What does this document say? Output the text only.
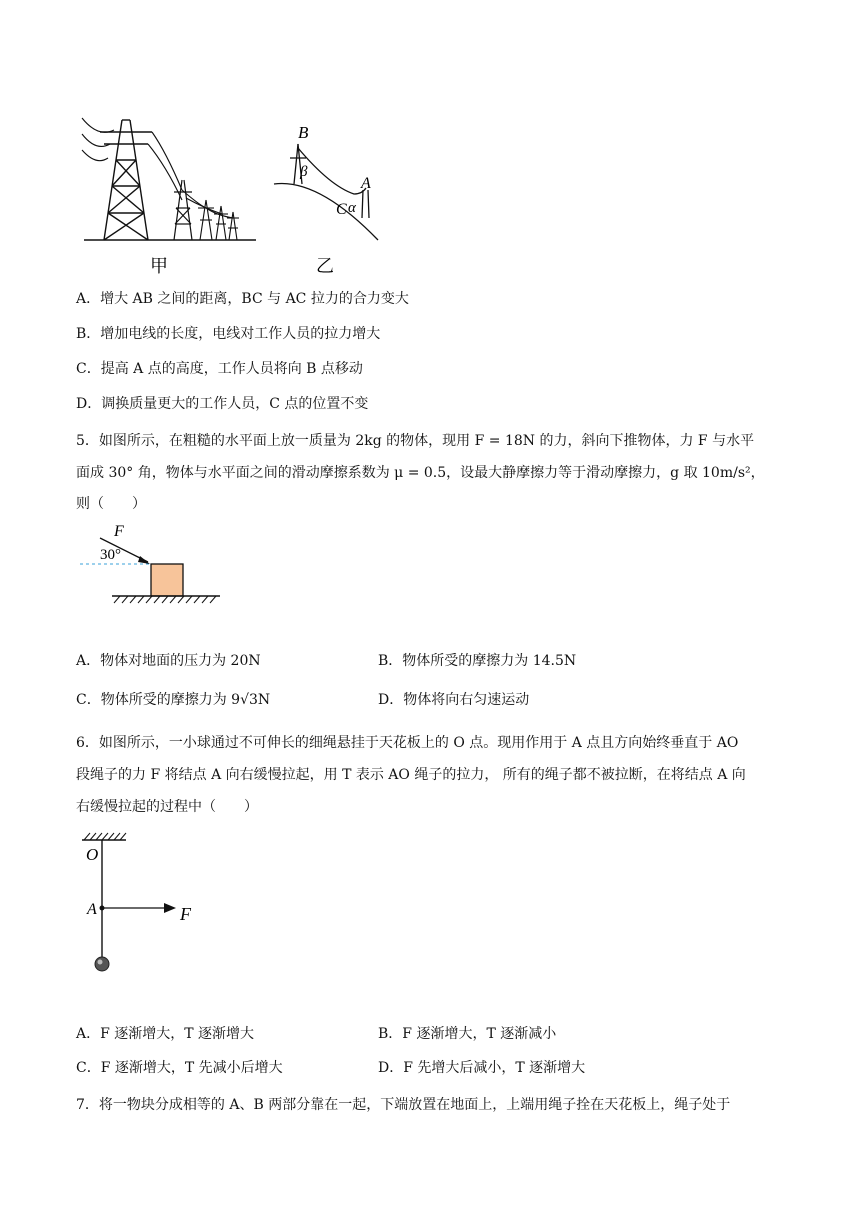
B
β
A
C α
甲	乙
A．增大 AB 之间的距离，BC 与 AC 拉力的合力变大
B．增加电线的长度，电线对工作人员的拉力增大
C．提高 A 点的高度，工作人员将向 B 点移动
D．调换质量更大的工作人员，C 点的位置不变
5．如图所示，在粗糙的水平面上放一质量为 2kg 的物体，现用 F = 18N 的力，斜向下推物体，力 F 与水平
面成 30° 角，物体与水平面之间的滑动摩擦系数为 μ = 0.5，设最大静摩擦力等于滑动摩擦力，g 取 10m/s²，
则（　　）
F
30°
A．物体对地面的压力为 20N	B．物体所受的摩擦力为 14.5N
C．物体所受的摩擦力为 9√3N	D．物体将向右匀速运动
6．如图所示，一小球通过不可伸长的细绳悬挂于天花板上的 O 点。现用作用于 A 点且方向始终垂直于 AO
段绳子的力 F 将结点 A 向右缓慢拉起，用 T 表示 AO 绳子的拉力， 所有的绳子都不被拉断，在将结点 A 向
右缓慢拉起的过程中（　　）
O
A	F
A．F 逐渐增大，T 逐渐增大	B．F 逐渐增大，T 逐渐减小
C．F 逐渐增大，T 先减小后增大	D．F 先增大后减小，T 逐渐增大
7．将一物块分成相等的 A、B 两部分靠在一起，下端放置在地面上，上端用绳子拴在天花板上，绳子处于
